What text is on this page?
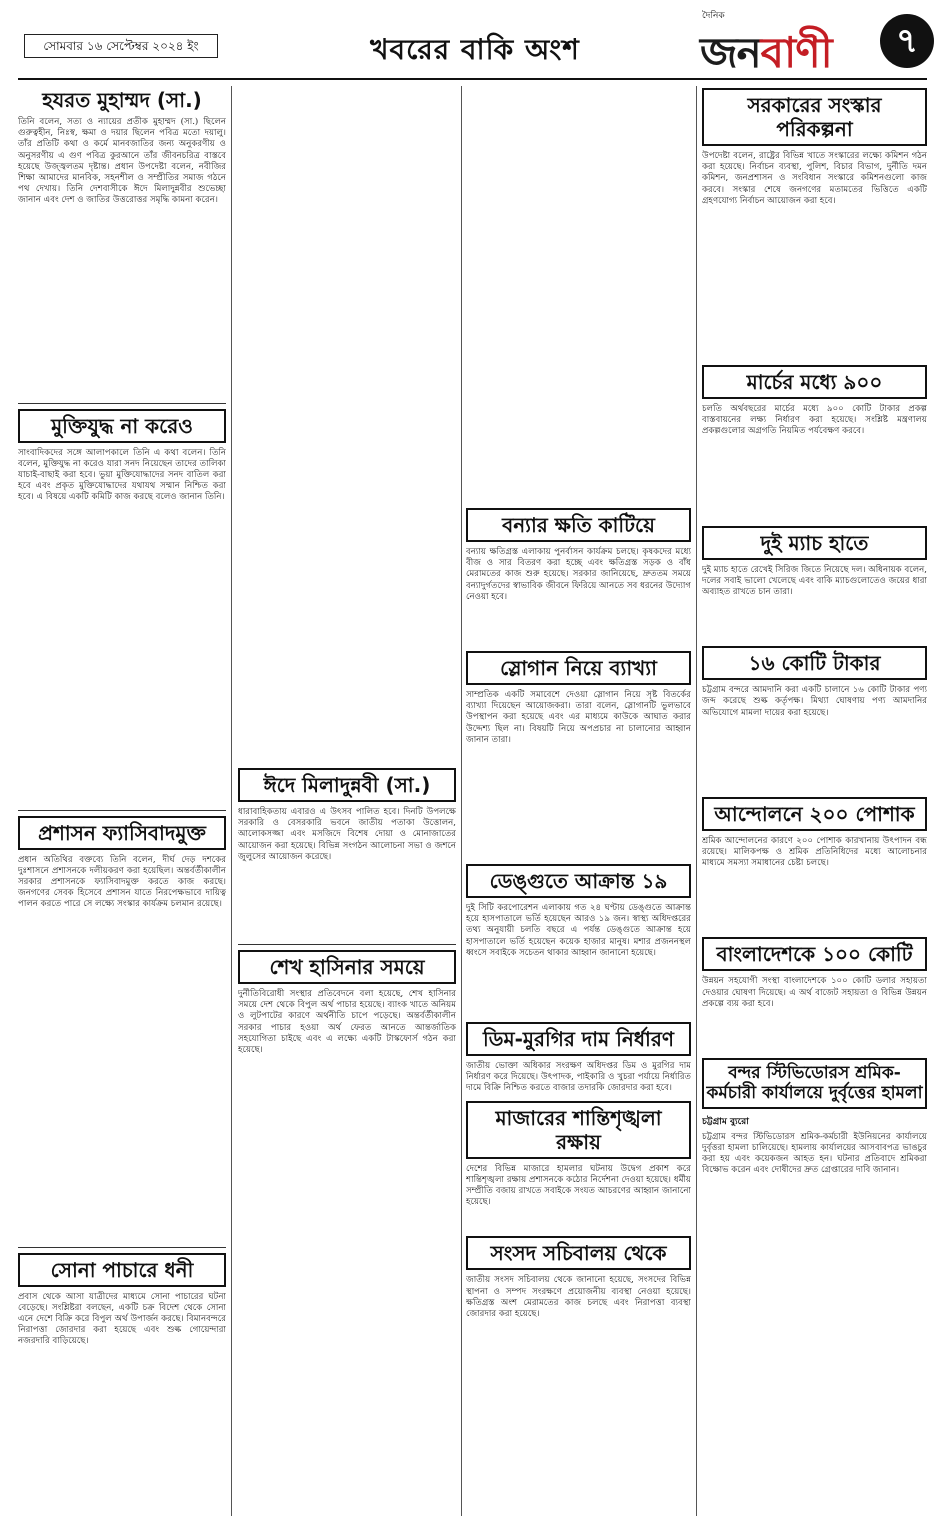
সোমবার ১৬ সেপ্টেম্বর ২০২৪ ইং	খবরের বাকি অংশ
দৈনিক
জনবাণী	৭
হযরত মুহাম্মদ (সা.)

তিনি বলেন, সত্য ও ন্যায়ের প্রতীক মুহাম্মদ (সা.) ছিলেন গুরুত্বহীন, নিঃস্ব, ক্ষমা ও দয়ার ছিলেন পবিত্র মতো দয়ালু। তাঁর প্রতিটি কথা ও কর্মে মানবজাতির জন্য অনুকরণীয় ও অনুসরণীয় এ গুণ পবিত্র কুরআনে তাঁর জীবনচরিত্র বাস্তবে হয়েছে উজ্জ্বলতম দৃষ্টান্ত। প্রধান উপদেষ্টা বলেন, নবীজির শিক্ষা আমাদের মানবিক, সহনশীল ও সম্প্রীতির সমাজ গঠনে পথ দেখায়। তিনি দেশবাসীকে ঈদে মিলাদুন্নবীর শুভেচ্ছা জানান এবং দেশ ও জাতির উত্তরোত্তর সমৃদ্ধি কামনা করেন।

মুক্তিযুদ্ধ না করেও

সাংবাদিকদের সঙ্গে আলাপকালে তিনি এ কথা বলেন। তিনি বলেন, মুক্তিযুদ্ধ না করেও যারা সনদ নিয়েছেন তাদের তালিকা যাচাই-বাছাই করা হবে। ভুয়া মুক্তিযোদ্ধাদের সনদ বাতিল করা হবে এবং প্রকৃত মুক্তিযোদ্ধাদের যথাযথ সম্মান নিশ্চিত করা হবে। এ বিষয়ে একটি কমিটি কাজ করছে বলেও জানান তিনি।

প্রশাসন ফ্যাসিবাদমুক্ত

প্রধান অতিথির বক্তব্যে তিনি বলেন, দীর্ঘ দেড় দশকের দুঃশাসনে প্রশাসনকে দলীয়করণ করা হয়েছিল। অন্তর্বর্তীকালীন সরকার প্রশাসনকে ফ্যাসিবাদমুক্ত করতে কাজ করছে। জনগণের সেবক হিসেবে প্রশাসন যাতে নিরপেক্ষভাবে দায়িত্ব পালন করতে পারে সে লক্ষ্যে সংস্কার কার্যক্রম চলমান রয়েছে।

সোনা পাচারে ধনী

প্রবাস থেকে আসা যাত্রীদের মাধ্যমে সোনা পাচারের ঘটনা বেড়েছে। সংশ্লিষ্টরা বলছেন, একটি চক্র বিদেশ থেকে সোনা এনে দেশে বিক্রি করে বিপুল অর্থ উপার্জন করছে। বিমানবন্দরে নিরাপত্তা জোরদার করা হয়েছে এবং শুল্ক গোয়েন্দারা নজরদারি বাড়িয়েছে।

ঈদে মিলাদুন্নবী (সা.)

ধারাবাহিকতায় এবারও এ উৎসব পালিত হবে। দিনটি উপলক্ষে সরকারি ও বেসরকারি ভবনে জাতীয় পতাকা উত্তোলন, আলোকসজ্জা এবং মসজিদে বিশেষ দোয়া ও মোনাজাতের আয়োজন করা হয়েছে। বিভিন্ন সংগঠন আলোচনা সভা ও জশনে জুলুসের আয়োজন করেছে।

শেখ হাসিনার সময়ে

দুর্নীতিবিরোধী সংস্থার প্রতিবেদনে বলা হয়েছে, শেখ হাসিনার সময়ে দেশ থেকে বিপুল অর্থ পাচার হয়েছে। ব্যাংক খাতে অনিয়ম ও লুটপাটের কারণে অর্থনীতি চাপে পড়েছে। অন্তর্বর্তীকালীন সরকার পাচার হওয়া অর্থ ফেরত আনতে আন্তর্জাতিক সহযোগিতা চাইছে এবং এ লক্ষ্যে একটি টাস্কফোর্স গঠন করা হয়েছে।

বন্যার ক্ষতি কাটিয়ে

বন্যায় ক্ষতিগ্রস্ত এলাকায় পুনর্বাসন কার্যক্রম চলছে। কৃষকদের মধ্যে বীজ ও সার বিতরণ করা হচ্ছে এবং ক্ষতিগ্রস্ত সড়ক ও বাঁধ মেরামতের কাজ শুরু হয়েছে। সরকার জানিয়েছে, দ্রুততম সময়ে বন্যাদুর্গতদের স্বাভাবিক জীবনে ফিরিয়ে আনতে সব ধরনের উদ্যোগ নেওয়া হবে।

স্লোগান নিয়ে ব্যাখ্যা

সাম্প্রতিক একটি সমাবেশে দেওয়া স্লোগান নিয়ে সৃষ্ট বিতর্কের ব্যাখ্যা দিয়েছেন আয়োজকরা। তারা বলেন, স্লোগানটি ভুলভাবে উপস্থাপন করা হয়েছে এবং এর মাধ্যমে কাউকে আঘাত করার উদ্দেশ্য ছিল না। বিষয়টি নিয়ে অপপ্রচার না চালানোর আহ্বান জানান তারা।

ডেঙ্গুতে আক্রান্ত ১৯

দুই সিটি করপোরেশন এলাকায় গত ২৪ ঘণ্টায় ডেঙ্গুতে আক্রান্ত হয়ে হাসপাতালে ভর্তি হয়েছেন আরও ১৯ জন। স্বাস্থ্য অধিদপ্তরের তথ্য অনুযায়ী চলতি বছরে এ পর্যন্ত ডেঙ্গুতে আক্রান্ত হয়ে হাসপাতালে ভর্তি হয়েছেন কয়েক হাজার মানুষ। মশার প্রজননস্থল ধ্বংসে সবাইকে সচেতন থাকার আহ্বান জানানো হয়েছে।

ডিম-মুরগির দাম নির্ধারণ

জাতীয় ভোক্তা অধিকার সংরক্ষণ অধিদপ্তর ডিম ও মুরগির দাম নির্ধারণ করে দিয়েছে। উৎপাদক, পাইকারি ও খুচরা পর্যায়ে নির্ধারিত দামে বিক্রি নিশ্চিত করতে বাজার তদারকি জোরদার করা হবে।

মাজারের শান্তিশৃঙ্খলা রক্ষায়

দেশের বিভিন্ন মাজারে হামলার ঘটনায় উদ্বেগ প্রকাশ করে শান্তিশৃঙ্খলা রক্ষায় প্রশাসনকে কঠোর নির্দেশনা দেওয়া হয়েছে। ধর্মীয় সম্প্রীতি বজায় রাখতে সবাইকে সংযত আচরণের আহ্বান জানানো হয়েছে।

সংসদ সচিবালয় থেকে

জাতীয় সংসদ সচিবালয় থেকে জানানো হয়েছে, সংসদের বিভিন্ন স্থাপনা ও সম্পদ সংরক্ষণে প্রয়োজনীয় ব্যবস্থা নেওয়া হয়েছে। ক্ষতিগ্রস্ত অংশ মেরামতের কাজ চলছে এবং নিরাপত্তা ব্যবস্থা জোরদার করা হয়েছে।

সরকারের সংস্কার পরিকল্পনা

উপদেষ্টা বলেন, রাষ্ট্রের বিভিন্ন খাতে সংস্কারের লক্ষ্যে কমিশন গঠন করা হয়েছে। নির্বাচন ব্যবস্থা, পুলিশ, বিচার বিভাগ, দুর্নীতি দমন কমিশন, জনপ্রশাসন ও সংবিধান সংস্কারে কমিশনগুলো কাজ করবে। সংস্কার শেষে জনগণের মতামতের ভিত্তিতে একটি গ্রহণযোগ্য নির্বাচন আয়োজন করা হবে।

মার্চের মধ্যে ৯০০

চলতি অর্থবছরের মার্চের মধ্যে ৯০০ কোটি টাকার প্রকল্প বাস্তবায়নের লক্ষ্য নির্ধারণ করা হয়েছে। সংশ্লিষ্ট মন্ত্রণালয় প্রকল্পগুলোর অগ্রগতি নিয়মিত পর্যবেক্ষণ করবে।

দুই ম্যাচ হাতে

দুই ম্যাচ হাতে রেখেই সিরিজ জিতে নিয়েছে দল। অধিনায়ক বলেন, দলের সবাই ভালো খেলেছে এবং বাকি ম্যাচগুলোতেও জয়ের ধারা অব্যাহত রাখতে চান তারা।

১৬ কোটি টাকার

চট্টগ্রাম বন্দরে আমদানি করা একটি চালানে ১৬ কোটি টাকার পণ্য জব্দ করেছে শুল্ক কর্তৃপক্ষ। মিথ্যা ঘোষণায় পণ্য আমদানির অভিযোগে মামলা দায়ের করা হয়েছে।

আন্দোলনে ২০০ পোশাক

শ্রমিক আন্দোলনের কারণে ২০০ পোশাক কারখানায় উৎপাদন বন্ধ রয়েছে। মালিকপক্ষ ও শ্রমিক প্রতিনিধিদের মধ্যে আলোচনার মাধ্যমে সমস্যা সমাধানের চেষ্টা চলছে।

বাংলাদেশকে ১০০ কোটি

উন্নয়ন সহযোগী সংস্থা বাংলাদেশকে ১০০ কোটি ডলার সহায়তা দেওয়ার ঘোষণা দিয়েছে। এ অর্থ বাজেট সহায়তা ও বিভিন্ন উন্নয়ন প্রকল্পে ব্যয় করা হবে।

বন্দর স্টিভিডোরস শ্রমিক-কর্মচারী কার্যালয়ে দুর্বৃত্তের হামলা

চট্টগ্রাম ব্যুরো

চট্টগ্রাম বন্দর স্টিভিডোরস শ্রমিক-কর্মচারী ইউনিয়নের কার্যালয়ে দুর্বৃত্তরা হামলা চালিয়েছে। হামলায় কার্যালয়ের আসবাবপত্র ভাঙচুর করা হয় এবং কয়েকজন আহত হন। ঘটনার প্রতিবাদে শ্রমিকরা বিক্ষোভ করেন এবং দোষীদের দ্রুত গ্রেপ্তারের দাবি জানান।
